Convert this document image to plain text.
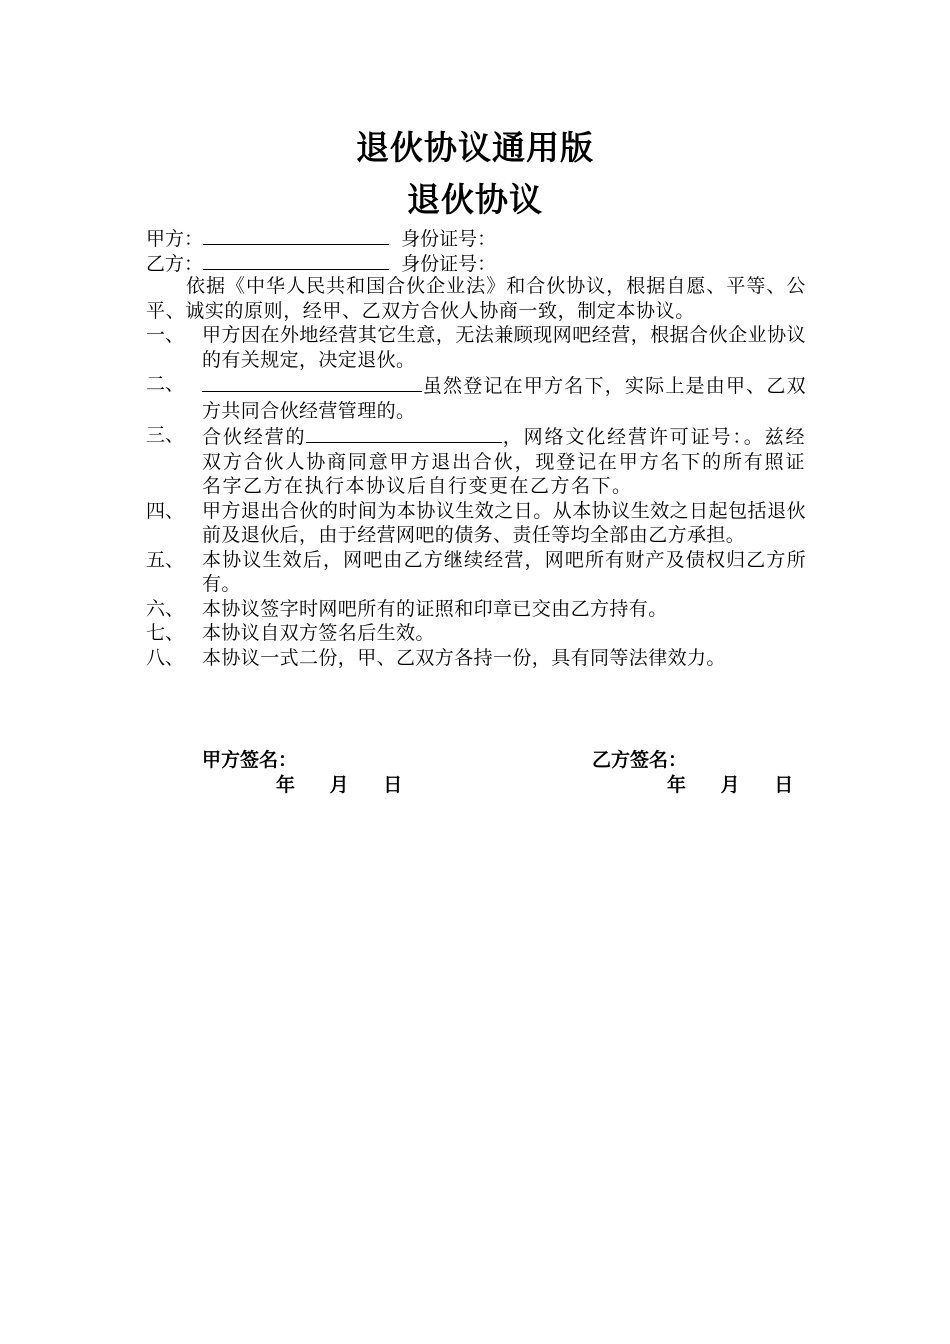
退伙协议通用版
退伙协议
甲方：	身份证号：
乙方：	身份证号：
依据《中华人民共和国合伙企业法》和合伙协议，根据自愿、平等、公平、诚实的原则，经甲、乙双方合伙人协商一致，制定本协议。
一、 甲方因在外地经营其它生意，无法兼顾现网吧经营，根据合伙企业协议的有关规定，决定退伙。
二、	虽然登记在甲方名下，实际上是由甲、乙双方共同合伙经营管理的。
三、 合伙经营的	，网络文化经营许可证号：。兹经双方合伙人协商同意甲方退出合伙，现登记在甲方名下的所有照证名字乙方在执行本协议后自行变更在乙方名下。
四、 甲方退出合伙的时间为本协议生效之日。从本协议生效之日起包括退伙前及退伙后，由于经营网吧的债务、责任等均全部由乙方承担。
五、 本协议生效后，网吧由乙方继续经营，网吧所有财产及债权归乙方所有。
六、 本协议签字时网吧所有的证照和印章已交由乙方持有。
七、 本协议自双方签名后生效。
八、 本协议一式二份，甲、乙双方各持一份，具有同等法律效力。
甲方签名：	乙方签名：
年 月 日	年 月 日
